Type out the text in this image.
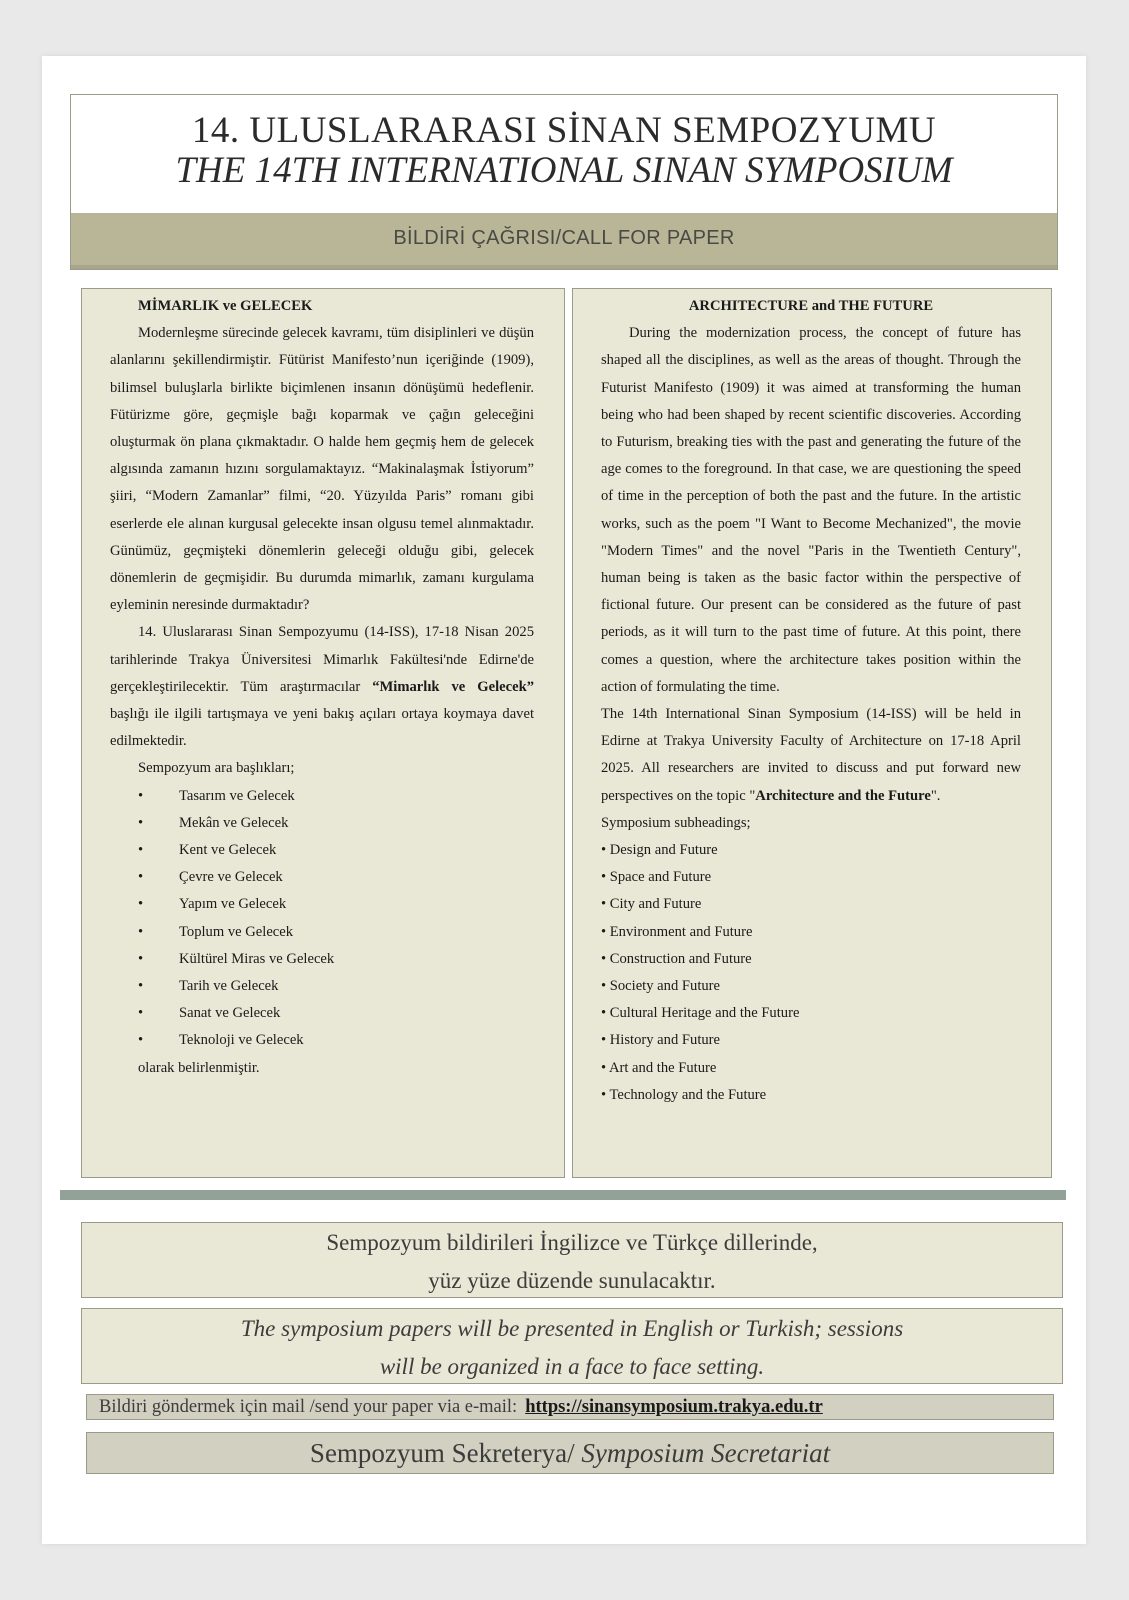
14. ULUSLARARASI SİNAN SEMPOZYUMU
THE 14TH INTERNATIONAL SINAN SYMPOSIUM
BİLDİRİ ÇAĞRISI/CALL FOR PAPER
MİMARLIK ve GELECEK

Modernleşme sürecinde gelecek kavramı, tüm disiplinleri ve düşün alanlarını şekillendirmiştir. Fütürist Manifesto’nun içeriğinde (1909), bilimsel buluşlarla birlikte biçimlenen insanın dönüşümü hedeflenir. Fütürizme göre, geçmişle bağı koparmak ve çağın geleceğini oluşturmak ön plana çıkmaktadır. O halde hem geçmiş hem de gelecek algısında zamanın hızını sorgulamaktayız. “Makinalaşmak İstiyorum” şiiri, “Modern Zamanlar” filmi, “20. Yüzyılda Paris” romanı gibi eserlerde ele alınan kurgusal gelecekte insan olgusu temel alınmaktadır. Günümüz, geçmişteki dönemlerin geleceği olduğu gibi, gelecek dönemlerin de geçmişidir. Bu durumda mimarlık, zamanı kurgulama eyleminin neresinde durmaktadır?

14. Uluslararası Sinan Sempozyumu (14-ISS), 17-18 Nisan 2025 tarihlerinde Trakya Üniversitesi Mimarlık Fakültesi'nde Edirne'de gerçekleştirilecektir. Tüm araştırmacılar “Mimarlık ve Gelecek” başlığı ile ilgili tartışmaya ve yeni bakış açıları ortaya koymaya davet edilmektedir.

Sempozyum ara başlıkları;
• Tasarım ve Gelecek
• Mekân ve Gelecek
• Kent ve Gelecek
• Çevre ve Gelecek
• Yapım ve Gelecek
• Toplum ve Gelecek
• Kültürel Miras ve Gelecek
• Tarih ve Gelecek
• Sanat ve Gelecek
• Teknoloji ve Gelecek
olarak belirlenmiştir.
ARCHITECTURE and THE FUTURE

During the modernization process, the concept of future has shaped all the disciplines, as well as the areas of thought. Through the Futurist Manifesto (1909) it was aimed at transforming the human being who had been shaped by recent scientific discoveries. According to Futurism, breaking ties with the past and generating the future of the age comes to the foreground. In that case, we are questioning the speed of time in the perception of both the past and the future. In the artistic works, such as the poem "I Want to Become Mechanized", the movie "Modern Times" and the novel "Paris in the Twentieth Century", human being is taken as the basic factor within the perspective of fictional future. Our present can be considered as the future of past periods, as it will turn to the past time of future. At this point, there comes a question, where the architecture takes position within the action of formulating the time.

The 14th International Sinan Symposium (14-ISS) will be held in Edirne at Trakya University Faculty of Architecture on 17-18 April 2025. All researchers are invited to discuss and put forward new perspectives on the topic "Architecture and the Future".

Symposium subheadings;
• Design and Future
• Space and Future
• City and Future
• Environment and Future
• Construction and Future
• Society and Future
• Cultural Heritage and the Future
• History and Future
• Art and the Future
• Technology and the Future
Sempozyum bildirileri İngilizce ve Türkçe dillerinde,
yüz yüze düzende sunulacaktır.
The symposium papers will be presented in English or Turkish; sessions
will be organized in a face to face setting.
Bildiri göndermek için mail /send your paper via e-mail: https://sinansymposium.trakya.edu.tr
Sempozyum Sekreterya/ Symposium Secretariat
